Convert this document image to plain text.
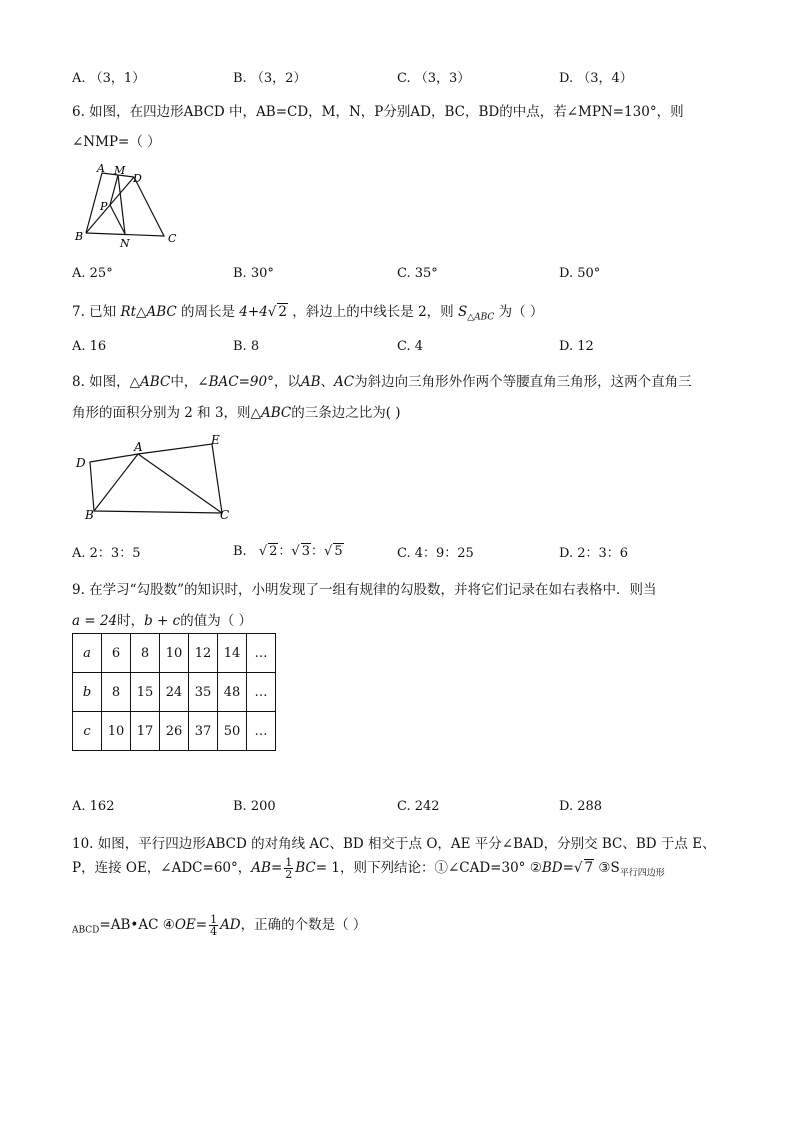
A. （3，1）	B. （3，2）	C. （3，3）	D. （3，4）
6. 如图，在四边形ABCD 中，AB=CD，M，N，P分别AD，BC，BD的中点，若∠MPN=130°，则
∠NMP=（ ）
A M
D
P
B
N	C
A. 25°	B. 30°	C. 35°	D. 50°
7. 已知 Rt△ABC 的周长是 4+4√ 2 ，斜边上的中线长是 2，则 $S_{\triangle ABC}$ 为（ ）
A. 16	B. 8	C. 4	D. 12
8. 如图，△ABC中，∠BAC=90°，以AB、AC为斜边向三角形外作两个等腰直角三角形，这两个直角三
角形的面积分别为 2 和 3，则△ABC的三条边之比为( )
D
A	E
B	C
A. 2：3：5	B. √ 2：√ 3：√ 5	C. 4：9：25	D. 2：3：6
9. 在学习“勾股数”的知识时，小明发现了一组有规律的勾股数，并将它们记录在如右表格中．则当
a = 24时，b + c的值为（ ）
a	6	8	10	12	14	…
b	8	15	24	35	48	…
c	10	17	26	37	50	…
A. 162	B. 200	C. 242	D. 288
10. 如图，平行四边形ABCD 的对角线 AC、BD 相交于点 O，AE 平分∠BAD，分别交 BC、BD 于点 E、
P，连接 OE，∠ADC=60°，$AB= \frac{1}{2} BC= 1$，则下列结论：①∠CAD=30° ②BD=√ 7 $③S_{平行四边形}$
$_{ABCD}$=AB•AC ④OE= $\frac{1}{4}$ AD，正确的个数是（ ）
